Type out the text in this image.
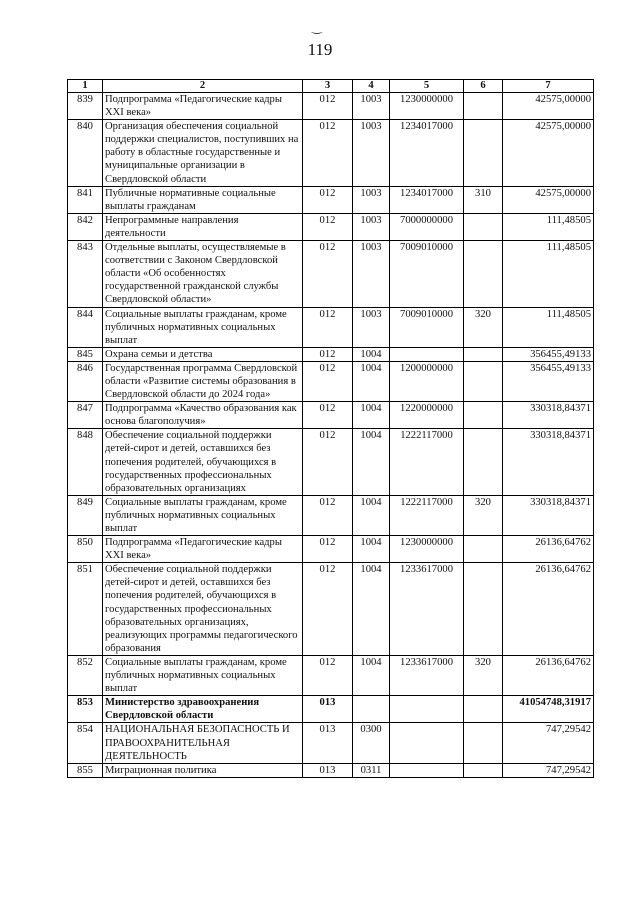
‿
119
1	2	3	4	5	6	7
839	Подпрограмма «Педагогические кадры XXI века»	012	1003	1230000000		42575,00000
840	Организация обеспечения социальной поддержки специалистов, поступивших на работу в областные государственные и муниципальные организации в Свердловской области	012	1003	1234017000		42575,00000
841	Публичные нормативные социальные выплаты гражданам	012	1003	1234017000	310	42575,00000
842	Непрограммные направления деятельности	012	1003	7000000000		111,48505
843	Отдельные выплаты, осуществляемые в соответствии с Законом Свердловской области «Об особенностях государственной гражданской службы Свердловской области»	012	1003	7009010000		111,48505
844	Социальные выплаты гражданам, кроме публичных нормативных социальных выплат	012	1003	7009010000	320	111,48505
845	Охрана семьи и детства	012	1004			356455,49133
846	Государственная программа Свердловской области «Развитие системы образования в Свердловской области до 2024 года»	012	1004	1200000000		356455,49133
847	Подпрограмма «Качество образования как основа благополучия»	012	1004	1220000000		330318,84371
848	Обеспечение социальной поддержки детей-сирот и детей, оставшихся без попечения родителей, обучающихся в государственных профессиональных образовательных организациях	012	1004	1222117000		330318,84371
849	Социальные выплаты гражданам, кроме публичных нормативных социальных выплат	012	1004	1222117000	320	330318,84371
850	Подпрограмма «Педагогические кадры XXI века»	012	1004	1230000000		26136,64762
851	Обеспечение социальной поддержки детей-сирот и детей, оставшихся без попечения родителей, обучающихся в государственных профессиональных образовательных организациях, реализующих программы педагогического образования	012	1004	1233617000		26136,64762
852	Социальные выплаты гражданам, кроме публичных нормативных социальных выплат	012	1004	1233617000	320	26136,64762
853	Министерство здравоохранения Свердловской области	013				41054748,31917
854	НАЦИОНАЛЬНАЯ БЕЗОПАСНОСТЬ И ПРАВООХРАНИТЕЛЬНАЯ ДЕЯТЕЛЬНОСТЬ	013	0300			747,29542
855	Миграционная политика	013	0311			747,29542
